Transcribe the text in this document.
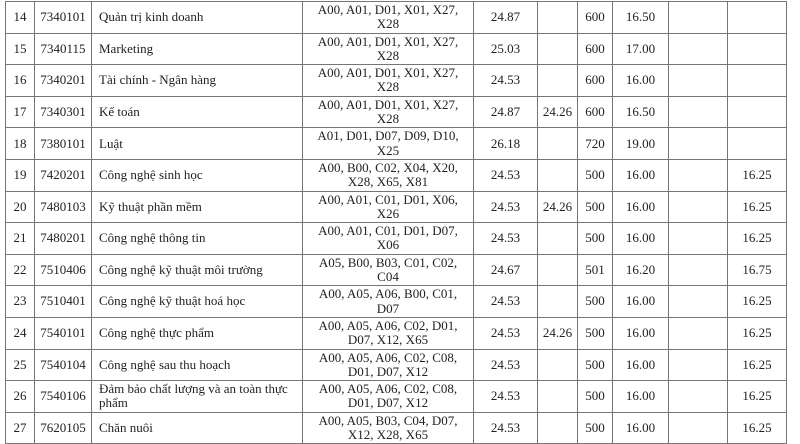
14	7340101	Quản trị kinh doanh	A00, A01, D01, X01, X27,
X28	24.87		600	16.50		
15	7340115	Marketing	A00, A01, D01, X01, X27,
X28	25.03		600	17.00		
16	7340201	Tài chính - Ngân hàng	A00, A01, D01, X01, X27,
X28	24.53		600	16.00		
17	7340301	Kế toán	A00, A01, D01, X01, X27,
X28	24.87	24.26	600	16.50		
18	7380101	Luật	A01, D01, D07, D09, D10,
X25	26.18		720	19.00		
19	7420201	Công nghệ sinh học	A00, B00, C02, X04, X20,
X28, X65, X81	24.53		500	16.00		16.25
20	7480103	Kỹ thuật phần mềm	A00, A01, C01, D01, X06,
X26	24.53	24.26	500	16.00		16.25
21	7480201	Công nghệ thông tin	A00, A01, C01, D01, D07,
X06	24.53		500	16.00		16.25
22	7510406	Công nghệ kỹ thuật môi trường	A05, B00, B03, C01, C02, C04	24.67		501	16.20		16.75
23	7510401	Công nghệ kỹ thuật hoá học	A00, A05, A06, B00, C01,
D07	24.53		500	16.00		16.25
24	7540101	Công nghệ thực phẩm	A00, A05, A06, C02, D01,
D07, X12, X65	24.53	24.26	500	16.00		16.25
25	7540104	Công nghệ sau thu hoạch	A00, A05, A06, C02, C08,
D01, D07, X12	24.53		500	16.00		16.25
26	7540106	Đảm bảo chất lượng và an toàn thực phẩm	A00, A05, A06, C02, C08,
D01, D07, X12	24.53		500	16.00		16.25
27	7620105	Chăn nuôi	A00, A05, B03, C04, D07,
X12, X28, X65	24.53		500	16.00		16.25
